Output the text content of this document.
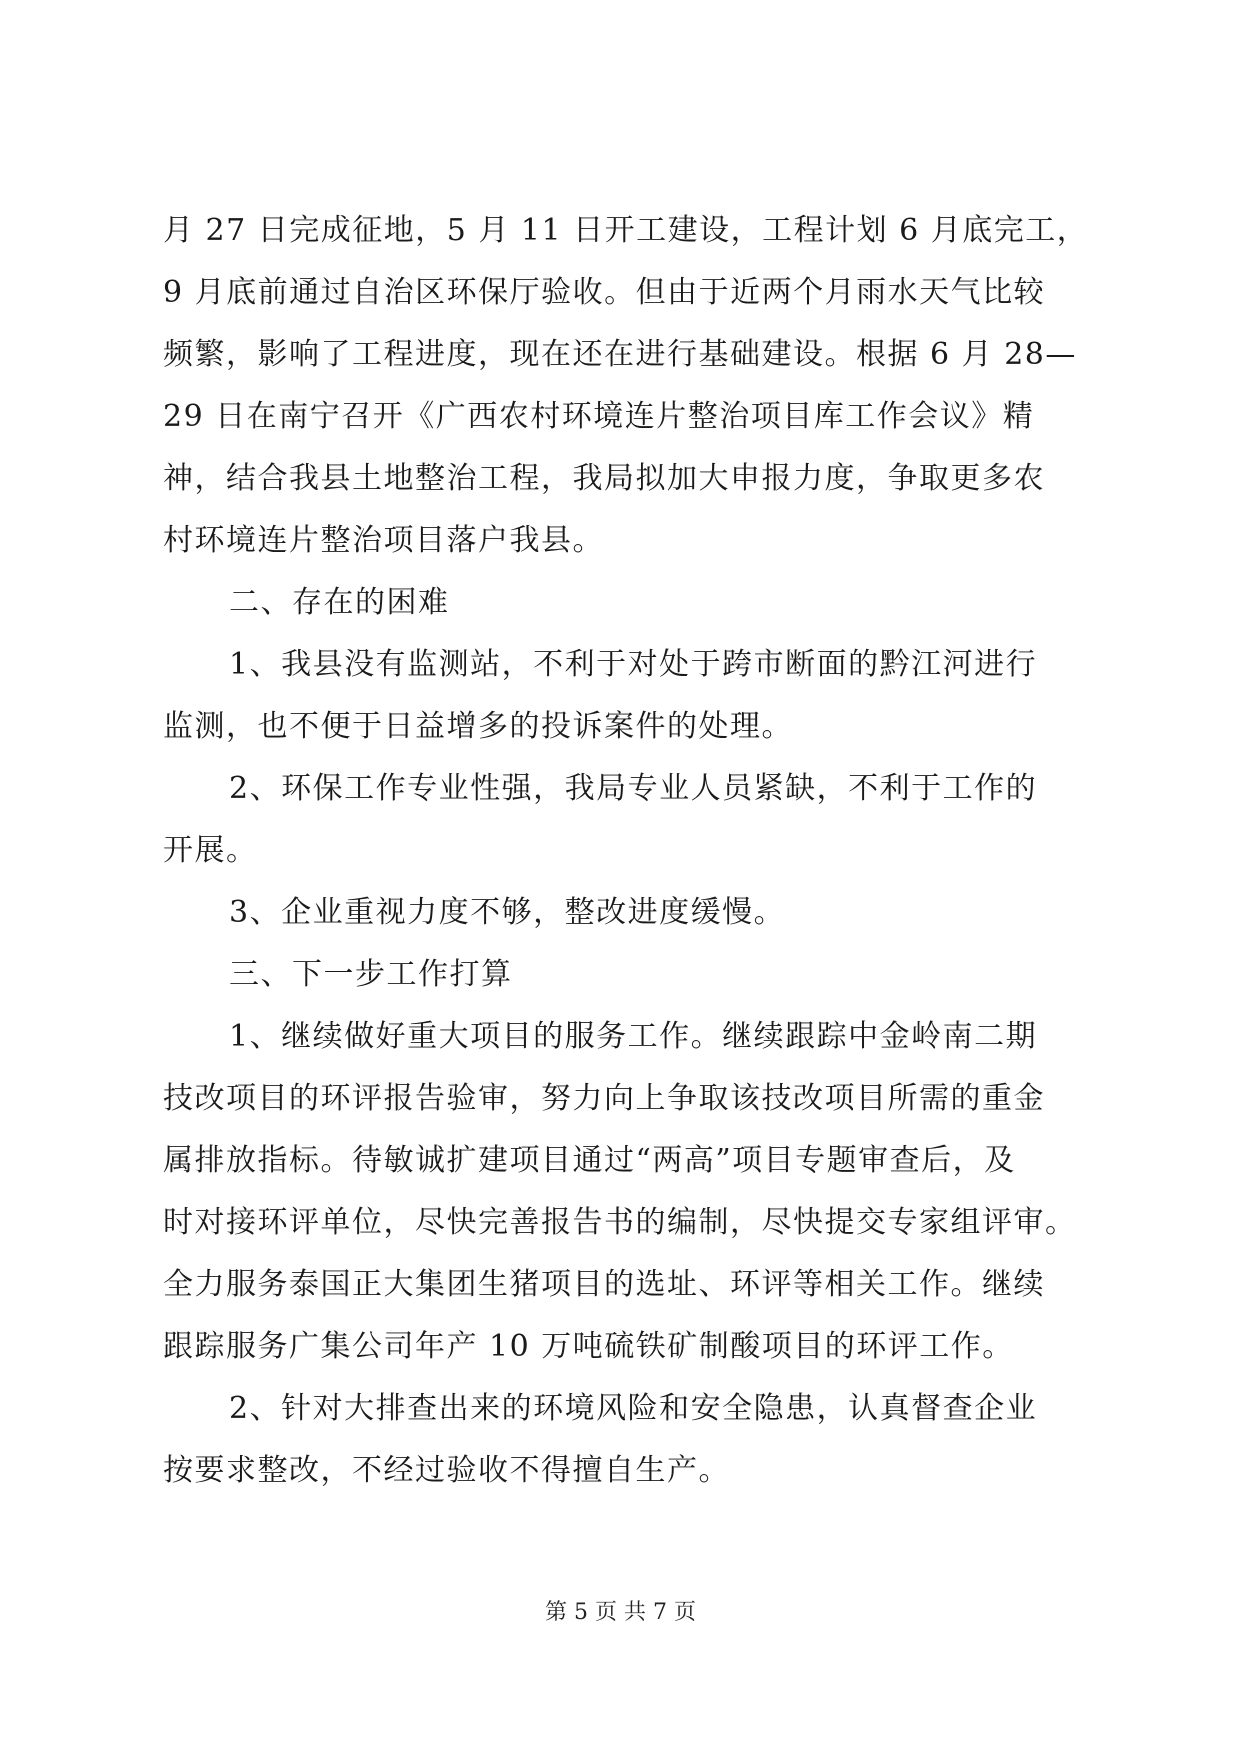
月 27 日完成征地，5 月 11 日开工建设，工程计划 6 月底完工，
9 月底前通过自治区环保厅验收。但由于近两个月雨水天气比较
频繁，影响了工程进度，现在还在进行基础建设。根据 6 月 28—
29 日在南宁召开《广西农村环境连片整治项目库工作会议》精
神，结合我县土地整治工程，我局拟加大申报力度，争取更多农
村环境连片整治项目落户我县。
二、存在的困难
1、我县没有监测站，不利于对处于跨市断面的黔江河进行
监测，也不便于日益增多的投诉案件的处理。
2、环保工作专业性强，我局专业人员紧缺，不利于工作的
开展。
3、企业重视力度不够，整改进度缓慢。
三、下一步工作打算
1、继续做好重大项目的服务工作。继续跟踪中金岭南二期
技改项目的环评报告验审，努力向上争取该技改项目所需的重金
属排放指标。待敏诚扩建项目通过“两高”项目专题审查后，及
时对接环评单位，尽快完善报告书的编制，尽快提交专家组评审。
全力服务泰国正大集团生猪项目的选址、环评等相关工作。继续
跟踪服务广集公司年产 10 万吨硫铁矿制酸项目的环评工作。
2、针对大排查出来的环境风险和安全隐患，认真督查企业
按要求整改，不经过验收不得擅自生产。
第 5 页 共 7 页
